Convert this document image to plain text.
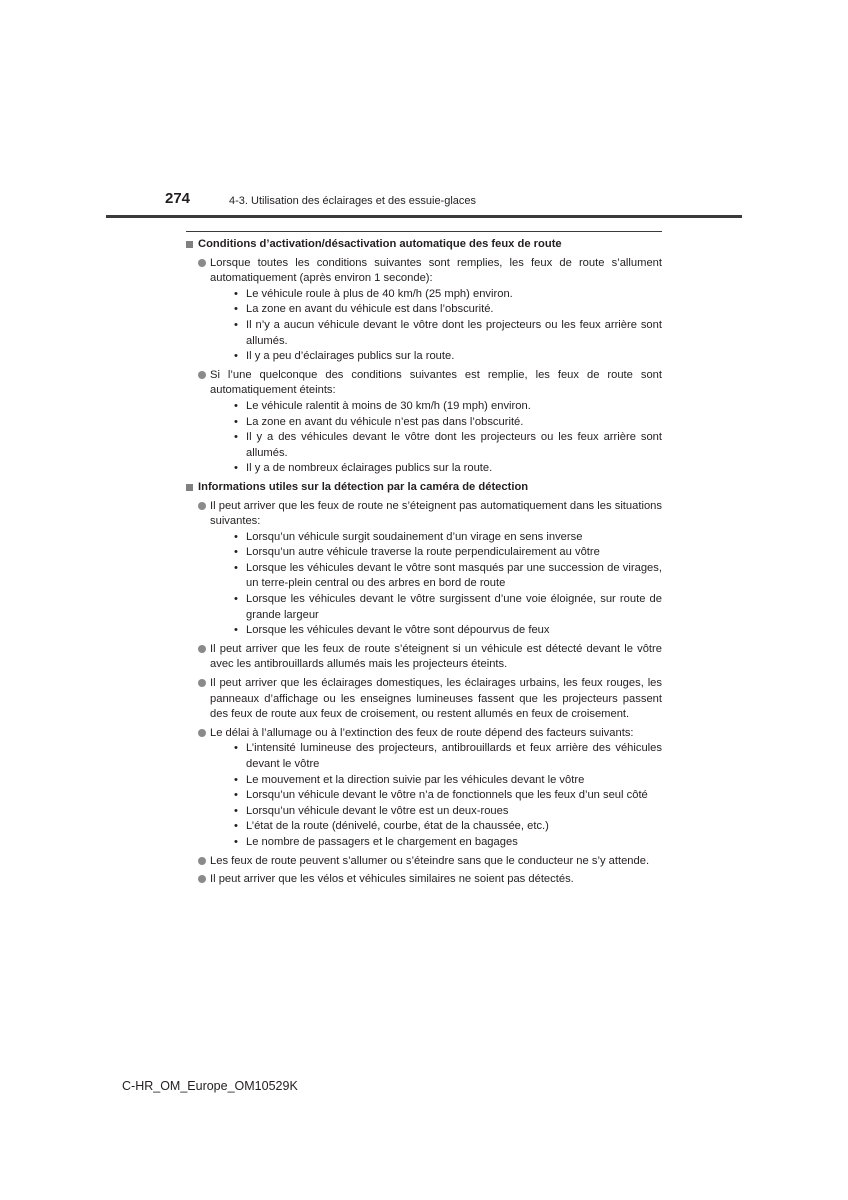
274	4-3. Utilisation des éclairages et des essuie-glaces
Conditions d’activation/désactivation automatique des feux de route
Lorsque toutes les conditions suivantes sont remplies, les feux de route s’allument automatiquement (après environ 1 seconde):
• Le véhicule roule à plus de 40 km/h (25 mph) environ.
• La zone en avant du véhicule est dans l’obscurité.
• Il n’y a aucun véhicule devant le vôtre dont les projecteurs ou les feux arrière sont allumés.
• Il y a peu d’éclairages publics sur la route.
Si l’une quelconque des conditions suivantes est remplie, les feux de route sont automatiquement éteints:
• Le véhicule ralentit à moins de 30 km/h (19 mph) environ.
• La zone en avant du véhicule n’est pas dans l’obscurité.
• Il y a des véhicules devant le vôtre dont les projecteurs ou les feux arrière sont allumés.
• Il y a de nombreux éclairages publics sur la route.
Informations utiles sur la détection par la caméra de détection
Il peut arriver que les feux de route ne s’éteignent pas automatiquement dans les situations suivantes:
• Lorsqu’un véhicule surgit soudainement d’un virage en sens inverse
• Lorsqu’un autre véhicule traverse la route perpendiculairement au vôtre
• Lorsque les véhicules devant le vôtre sont masqués par une succession de virages, un terre-plein central ou des arbres en bord de route
• Lorsque les véhicules devant le vôtre surgissent d’une voie éloignée, sur route de grande largeur
• Lorsque les véhicules devant le vôtre sont dépourvus de feux
Il peut arriver que les feux de route s’éteignent si un véhicule est détecté devant le vôtre avec les antibrouillards allumés mais les projecteurs éteints.
Il peut arriver que les éclairages domestiques, les éclairages urbains, les feux rouges, les panneaux d’affichage ou les enseignes lumineuses fassent que les projecteurs passent des feux de route aux feux de croisement, ou restent allumés en feux de croisement.
Le délai à l’allumage ou à l’extinction des feux de route dépend des facteurs suivants:
• L’intensité lumineuse des projecteurs, antibrouillards et feux arrière des véhicules devant le vôtre
• Le mouvement et la direction suivie par les véhicules devant le vôtre
• Lorsqu’un véhicule devant le vôtre n’a de fonctionnels que les feux d’un seul côté
• Lorsqu’un véhicule devant le vôtre est un deux-roues
• L’état de la route (dénivelé, courbe, état de la chaussée, etc.)
• Le nombre de passagers et le chargement en bagages
Les feux de route peuvent s’allumer ou s’éteindre sans que le conducteur ne s’y attende.
Il peut arriver que les vélos et véhicules similaires ne soient pas détectés.
C-HR_OM_Europe_OM10529K
